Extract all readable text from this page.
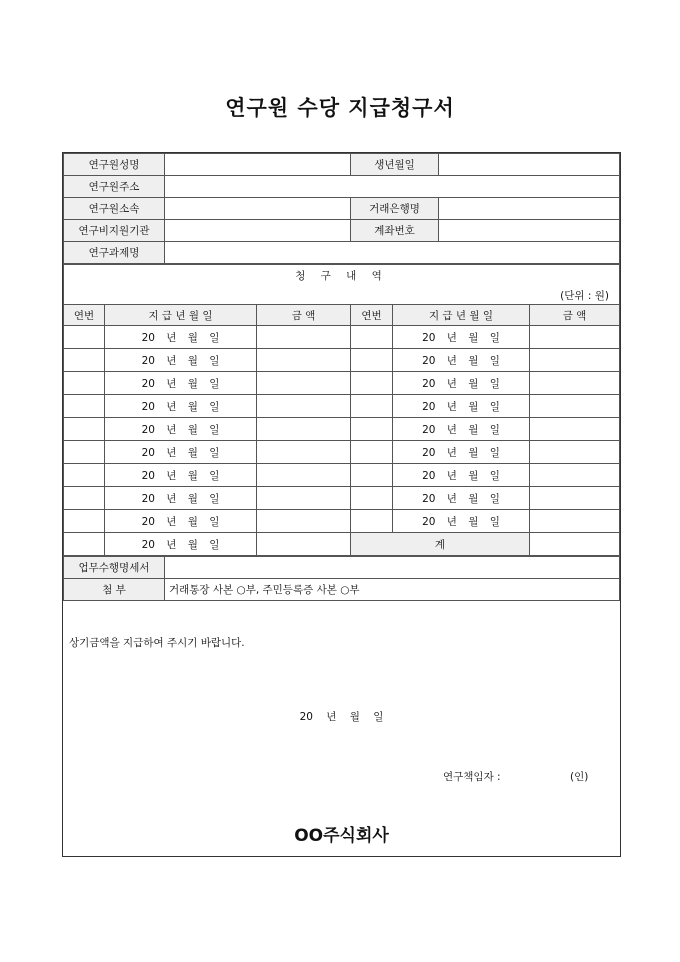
연구원 수당 지급청구서
연구원성명		생년월일	
연구원주소			
연구원소속		거래은행명	
연구비지원기관		계좌번호	
연구과제명			
청 구 내 역					
(단위 : 원)					
연번	지 급 년 월 일	금 액	연번	지 급 년 월 일	금 액
	20 년 월 일			20 년 월 일	
	20 년 월 일			20 년 월 일	
	20 년 월 일			20 년 월 일	
	20 년 월 일			20 년 월 일	
	20 년 월 일			20 년 월 일	
	20 년 월 일			20 년 월 일	
	20 년 월 일			20 년 월 일	
	20 년 월 일			20 년 월 일	
	20 년 월 일			20 년 월 일	
	20 년 월 일		계		
업무수행명세서	
첨 부	거래통장 사본 ○부, 주민등록증 사본 ○부
상기금액을 지급하여 주시기 바랍니다.
20 년 월 일
연구책임자 :	(인)
OO주식회사
